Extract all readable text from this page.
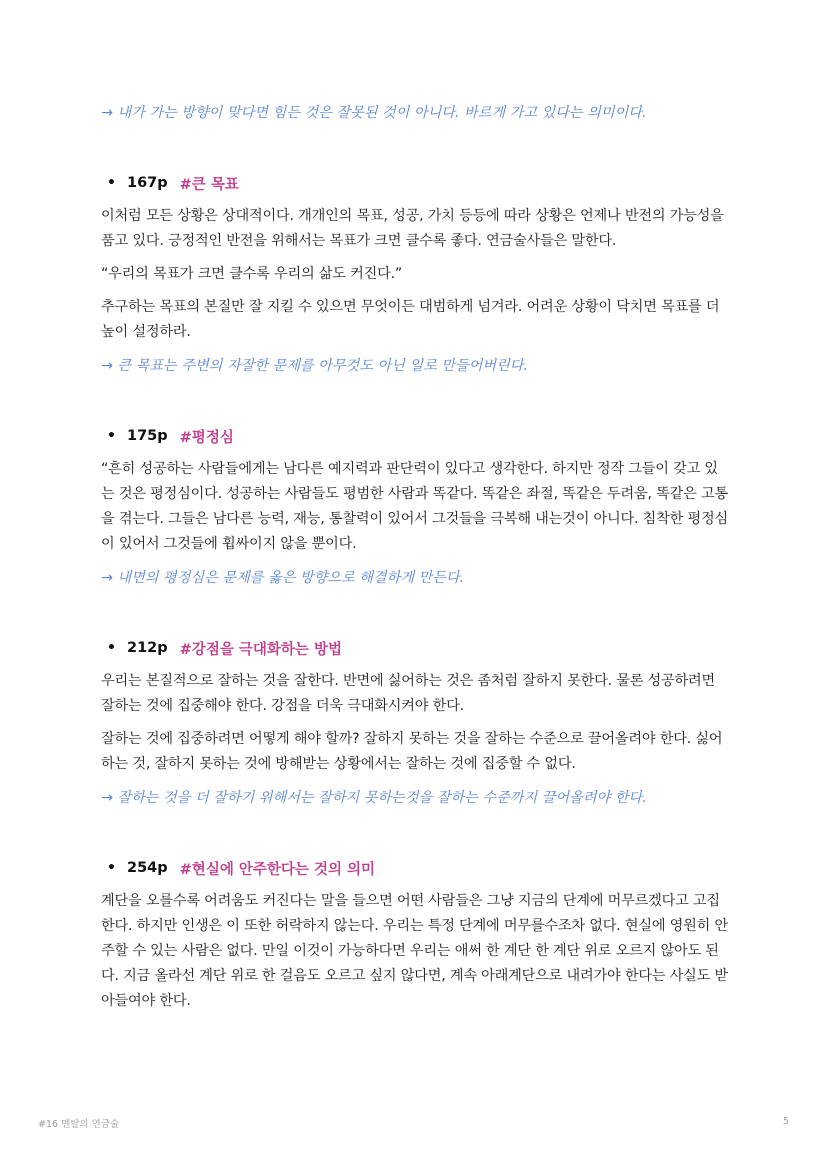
→ 내가 가는 방향이 맞다면 힘든 것은 잘못된 것이 아니다. 바르게 가고 있다는 의미이다.

• 167p #큰 목표

이처럼 모든 상황은 상대적이다. 개개인의 목표, 성공, 가치 등등에 따라 상황은 언제나 반전의 가능성을 품고 있다. 긍정적인 반전을 위해서는 목표가 크면 클수록 좋다. 연금술사들은 말한다.

“우리의 목표가 크면 클수록 우리의 삶도 커진다.”

추구하는 목표의 본질만 잘 지킬 수 있으면 무엇이든 대범하게 넘겨라. 어려운 상황이 닥치면 목표를 더 높이 설정하라.

→ 큰 목표는 주변의 자잘한 문제를 아무것도 아닌 일로 만들어버린다.

• 175p #평정심

“흔히 성공하는 사람들에게는 남다른 예지력과 판단력이 있다고 생각한다. 하지만 정작 그들이 갖고 있는 것은 평정심이다. 성공하는 사람들도 평범한 사람과 똑같다. 똑같은 좌절, 똑같은 두려움, 똑같은 고통을 겪는다. 그들은 남다른 능력, 재능, 통찰력이 있어서 그것들을 극복해 내는것이 아니다. 침착한 평정심이 있어서 그것들에 휩싸이지 않을 뿐이다.

→ 내면의 평정심은 문제를 옳은 방향으로 해결하게 만든다.

• 212p #강점을 극대화하는 방법

우리는 본질적으로 잘하는 것을 잘한다. 반면에 싫어하는 것은 좀처럼 잘하지 못한다. 물론 성공하려면 잘하는 것에 집중해야 한다. 강점을 더욱 극대화시켜야 한다.

잘하는 것에 집중하려면 어떻게 해야 할까? 잘하지 못하는 것을 잘하는 수준으로 끌어올려야 한다. 싫어하는 것, 잘하지 못하는 것에 방해받는 상황에서는 잘하는 것에 집중할 수 없다.

→ 잘하는 것을 더 잘하기 위해서는 잘하지 못하는것을 잘하는 수준까지 끌어올려야 한다.

• 254p #현실에 안주한다는 것의 의미

계단을 오를수록 어려움도 커진다는 말을 들으면 어떤 사람들은 그냥 지금의 단계에 머무르겠다고 고집한다. 하지만 인생은 이 또한 허락하지 않는다. 우리는 특정 단계에 머무를수조차 없다. 현실에 영원히 안주할 수 있는 사람은 없다. 만일 이것이 가능하다면 우리는 애써 한 계단 한 계단 위로 오르지 않아도 된다. 지금 올라선 계단 위로 한 걸음도 오르고 싶지 않다면, 계속 아래계단으로 내려가야 한다는 사실도 받아들여야 한다.

#16 멘탈의 연금술	5
